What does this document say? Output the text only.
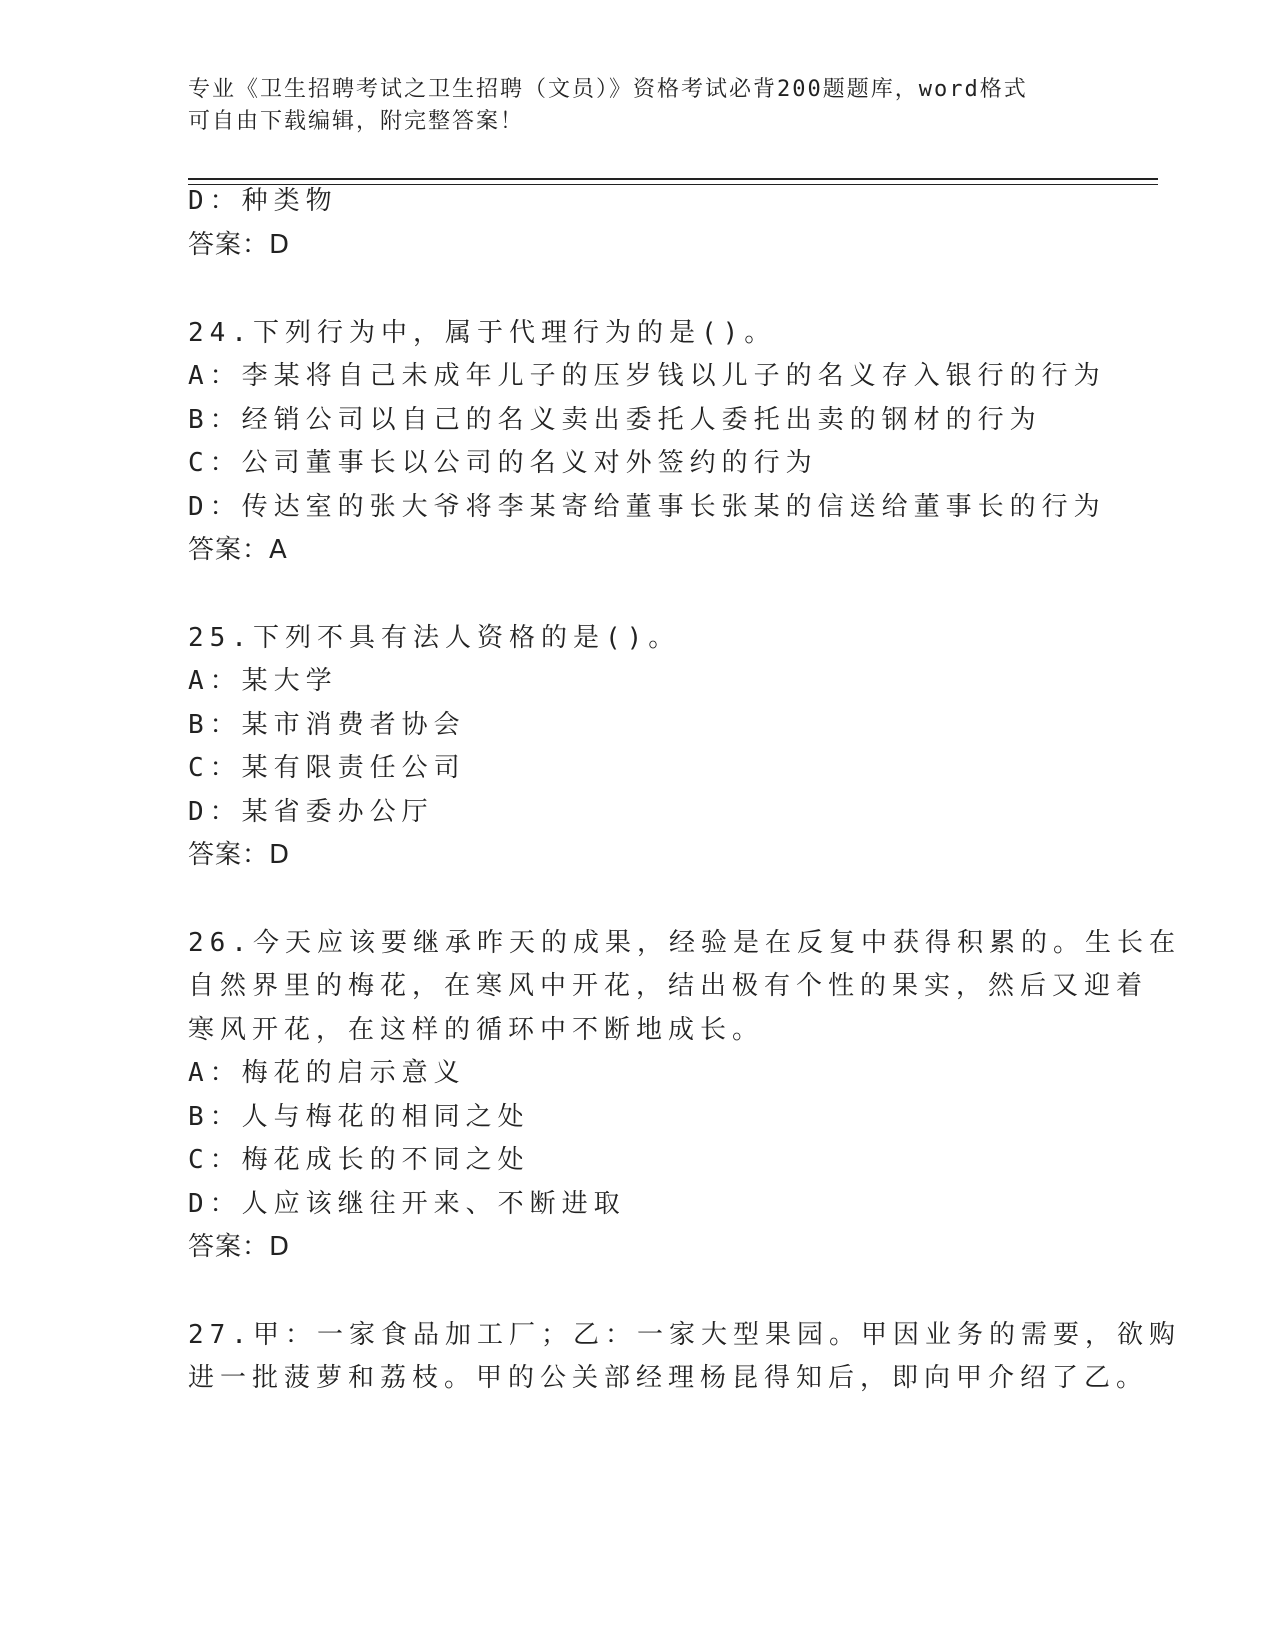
专业《卫生招聘考试之卫生招聘（文员）》资格考试必背200题题库，word格式
可自由下载编辑，附完整答案！
D：种类物
答案：D
24.下列行为中，属于代理行为的是()。
A：李某将自己未成年儿子的压岁钱以儿子的名义存入银行的行为
B：经销公司以自己的名义卖出委托人委托出卖的钢材的行为
C：公司董事长以公司的名义对外签约的行为
D：传达室的张大爷将李某寄给董事长张某的信送给董事长的行为
答案：A
25.下列不具有法人资格的是()。
A：某大学
B：某市消费者协会
C：某有限责任公司
D：某省委办公厅
答案：D
26.今天应该要继承昨天的成果，经验是在反复中获得积累的。生长在
自然界里的梅花，在寒风中开花，结出极有个性的果实，然后又迎着
寒风开花，在这样的循环中不断地成长。
A：梅花的启示意义
B：人与梅花的相同之处
C：梅花成长的不同之处
D：人应该继往开来、不断进取
答案：D
27.甲：一家食品加工厂；乙：一家大型果园。甲因业务的需要，欲购
进一批菠萝和荔枝。甲的公关部经理杨昆得知后，即向甲介绍了乙。
